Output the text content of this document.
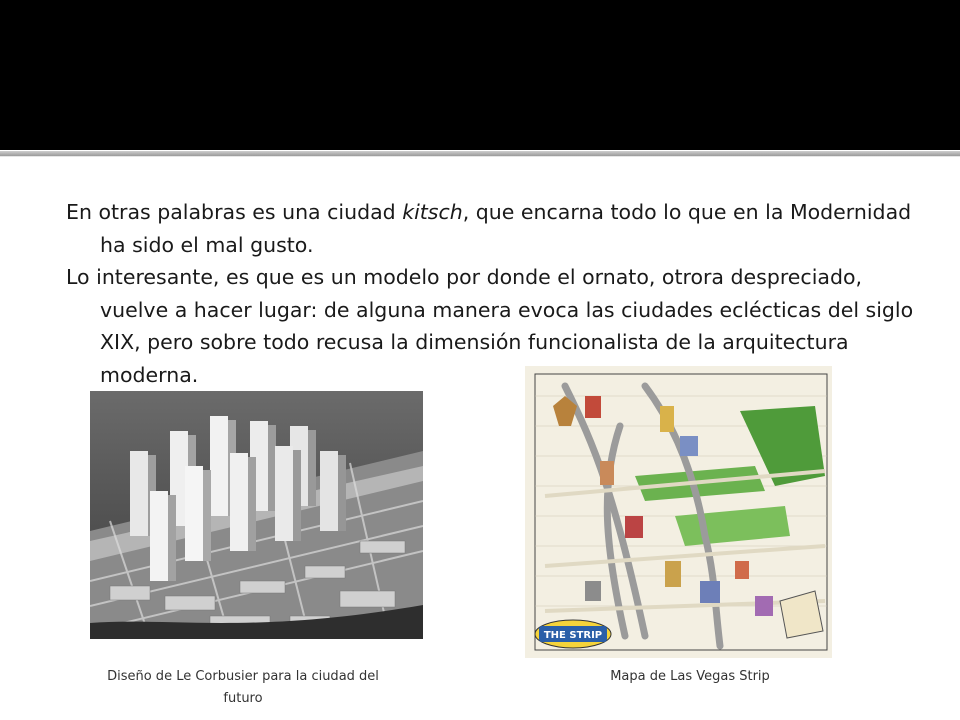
En otras palabras es una ciudad kitsch, que encarna todo lo que en la Modernidad ha sido el mal gusto.

Lo interesante, es que es un modelo por donde el ornato, otrora despreciado, vuelve a hacer lugar: de alguna manera evoca las ciudades eclécticas del siglo XIX, pero sobre todo recusa la dimensión funcionalista de la arquitectura moderna.

THE STRIP
Diseño de Le Corbusier para la ciudad del futuro
Mapa de Las Vegas Strip
